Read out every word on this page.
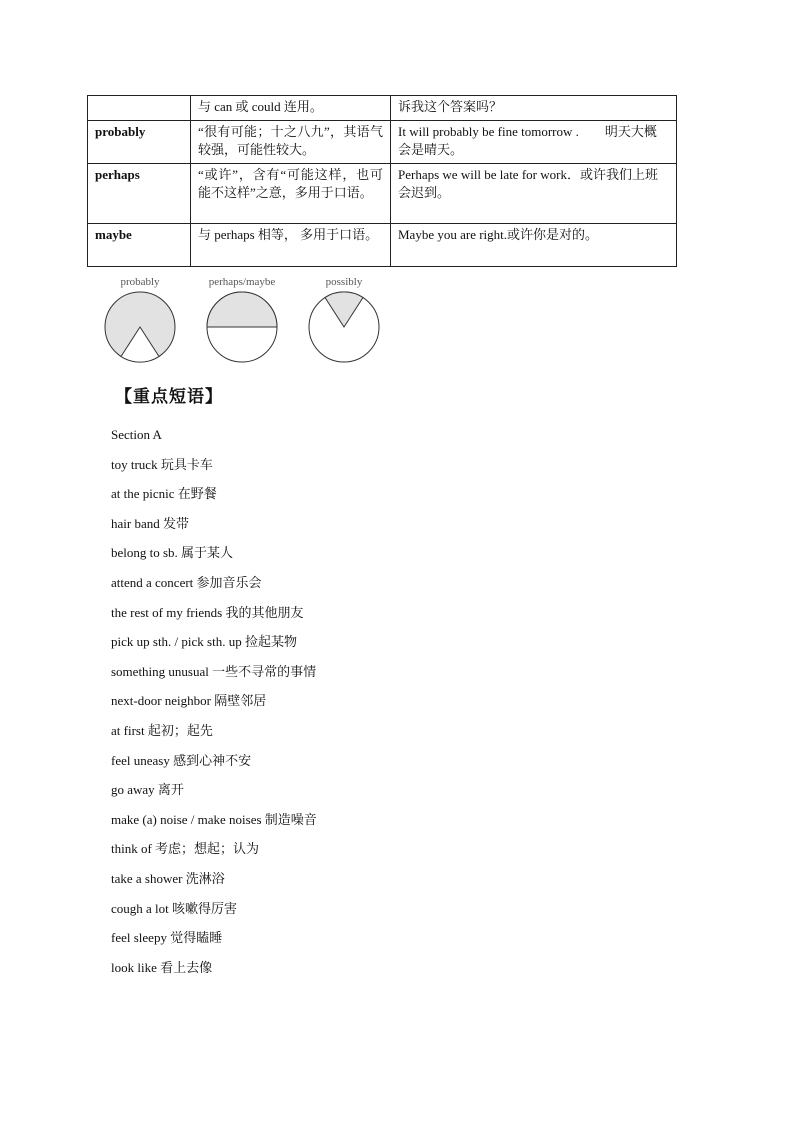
	与 can 或 could 连用。	诉我这个答案吗？
probably	“很有可能；十之八九”，其语气较强，可能性较大。	It will probably be fine tomorrow .　　明天大概会是晴天。
perhaps	“或许”，含有“可能这样，也可能不这样”之意，多用于口语。	Perhaps we will be late for work．或许我们上班会迟到。
maybe	与 perhaps 相等， 多用于口语。	Maybe you are right.或许你是对的。
probably	perhaps/maybe	possibly
【重点短语】
Section A
toy truck 玩具卡车
at the picnic 在野餐
hair band 发带
belong to sb. 属于某人
attend a concert 参加音乐会
the rest of my friends 我的其他朋友
pick up sth. / pick sth. up 捡起某物
something unusual 一些不寻常的事情
next-door neighbor 隔壁邻居
at first 起初；起先
feel uneasy 感到心神不安
go away 离开
make (a) noise / make noises 制造噪音
think of 考虑；想起；认为
take a shower 洗淋浴
cough a lot 咳嗽得厉害
feel sleepy 觉得瞌睡
look like 看上去像
